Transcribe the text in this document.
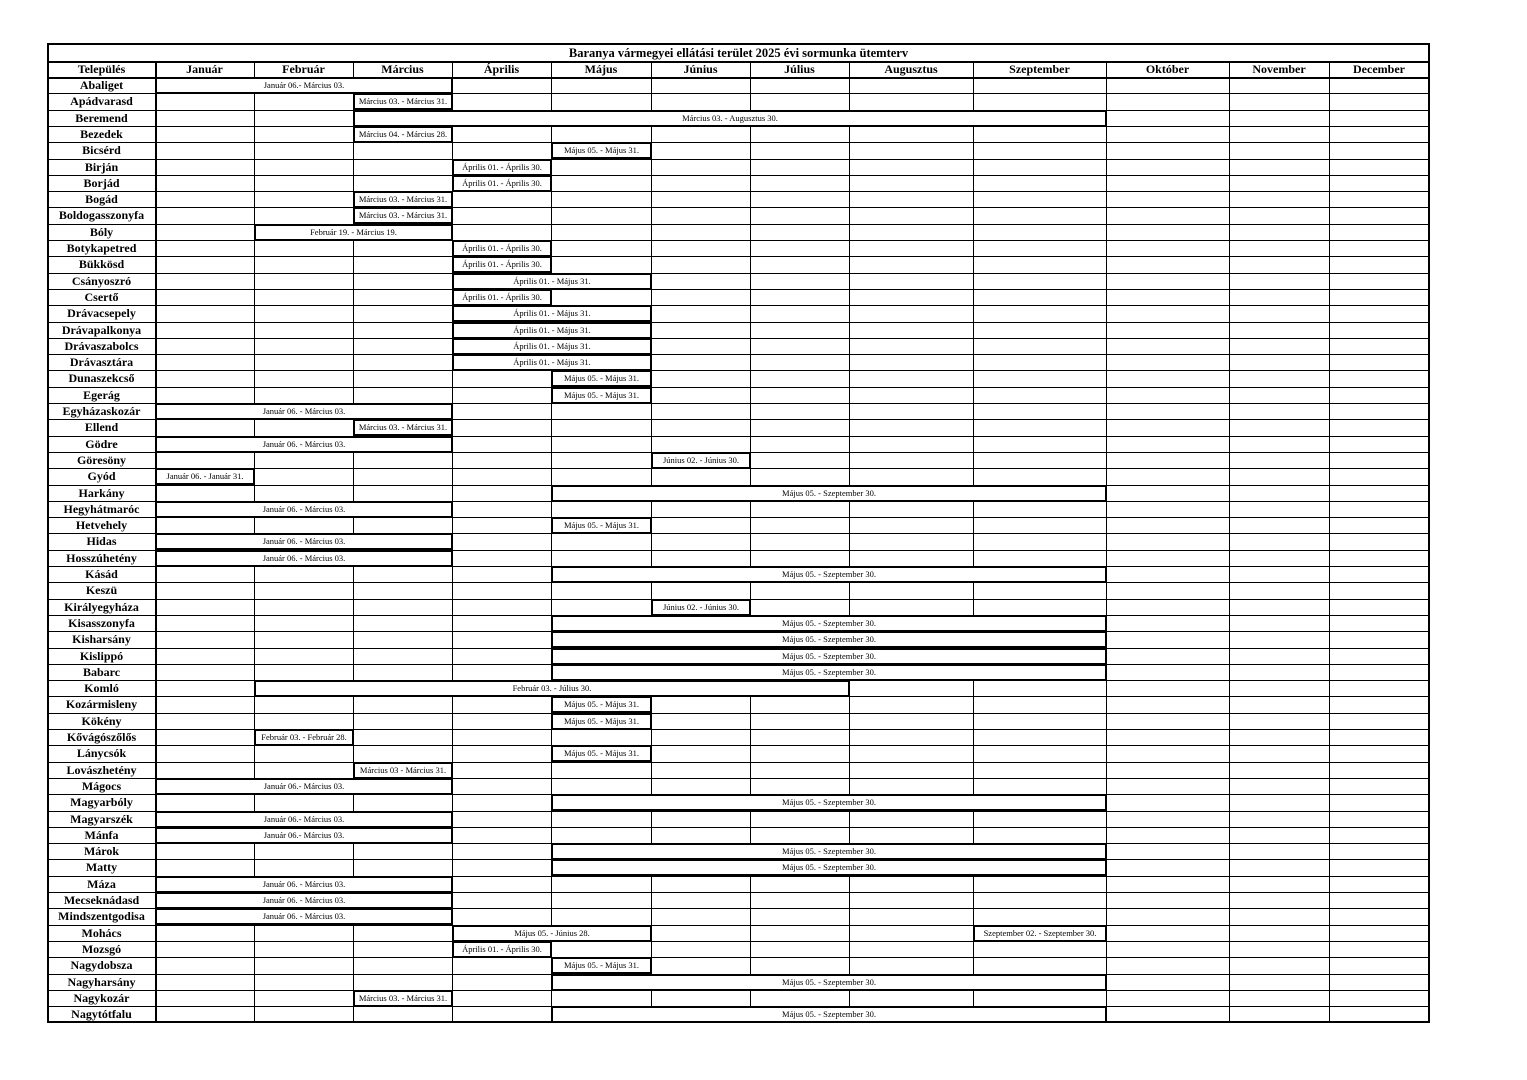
Baranya vármegyei ellátási terület 2025 évi sormunka ütemterv
Település	Január	Február	Március	Április	Május	Június	Július	Augusztus	Szeptember	Október	November	December
Abaliget	Január 06.- Március 03.
Apádvarasd	Március 03. - Március 31.
Beremend	Március 03. - Augusztus 30.
Bezedek	Március 04. - Március 28.
Bicsérd	Május 05. - Május 31.
Birján	Április 01. - Április 30.
Borjád	Április 01. - Április 30.
Bogád	Március 03. - Március 31.
Boldogasszonyfa	Március 03. - Március 31.
Bóly	Február 19. - Március 19.
Botykapetred	Április 01. - Április 30.
Bükkösd	Április 01. - Április 30.
Csányoszró	Április 01. - Május 31.
Csertő	Április 01. - Április 30.
Drávacsepely	Április 01. - Május 31.
Drávapalkonya	Április 01. - Május 31.
Drávaszabolcs	Április 01. - Május 31.
Drávasztára	Április 01. - Május 31.
Dunaszekcső	Május 05. - Május 31.
Egerág	Május 05. - Május 31.
Egyházaskozár	Január 06. - Március 03.
Ellend	Március 03. - Március 31.
Gödre	Január 06. - Március 03.
Göresöny	Június 02. - Június 30.
Gyód	Január 06. - Január 31.
Harkány	Május 05. - Szeptember 30.
Hegyhátmaróc	Január 06. - Március 03.
Hetvehely	Május 05. - Május 31.
Hidas	Január 06. - Március 03.
Hosszúhetény	Január 06. - Március 03.
Kásád	Május 05. - Szeptember 30.
Keszü
Királyegyháza	Június 02. - Június 30.
Kisasszonyfa	Május 05. - Szeptember 30.
Kisharsány	Május 05. - Szeptember 30.
Kislippó	Május 05. - Szeptember 30.
Babarc	Május 05. - Szeptember 30.
Komló	Február 03. - Július 30.
Kozármisleny	Május 05. - Május 31.
Kökény	Május 05. - Május 31.
Kővágószőlős	Február 03. - Február 28.
Lánycsók	Május 05. - Május 31.
Lovászhetény	Március 03 - Március 31.
Mágocs	Január 06.- Március 03.
Magyarbóly	Május 05. - Szeptember 30.
Magyarszék	Január 06.- Március 03.
Mánfa	Január 06.- Március 03.
Márok	Május 05. - Szeptember 30.
Matty	Május 05. - Szeptember 30.
Máza	Január 06. - Március 03.
Mecseknádasd	Január 06. - Március 03.
Mindszentgodisa	Január 06. - Március 03.
Mohács	Május 05. - Június 28.	Szeptember 02. - Szeptember 30.
Mozsgó	Április 01. - Április 30.
Nagydobsza	Május 05. - Május 31.
Nagyharsány	Május 05. - Szeptember 30.
Nagykozár	Március 03. - Március 31.
Nagytótfalu	Május 05. - Szeptember 30.
